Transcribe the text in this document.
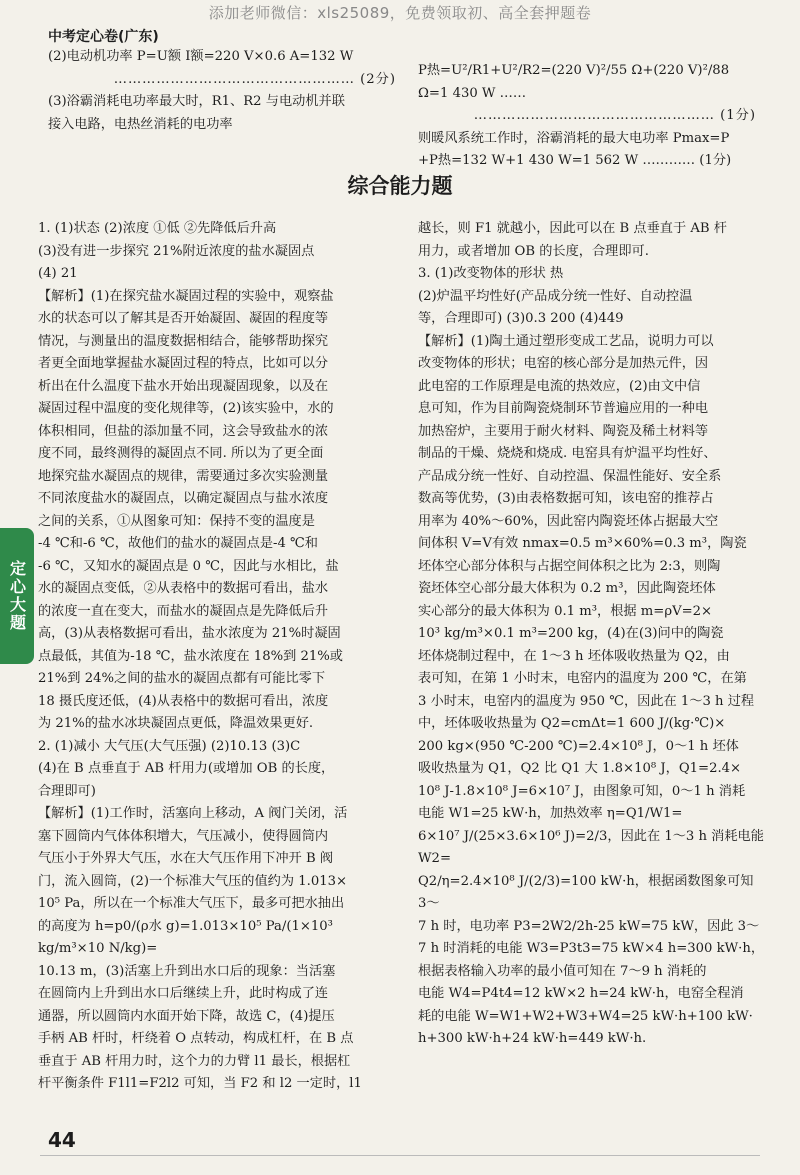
添加老师微信：xls25089，免费领取初、高全套押题卷
中考定心卷(广东)

(2)电动机功率 P=U额 I额=220 V×0.6 A=132 W

…………………………………………… (2分)

(3)浴霸消耗电功率最大时，R1、R2 与电动机并联

接入电路，电热丝消耗的电功率

P热=U²/R1+U²/R2=(220 V)²/55 Ω+(220 V)²/88 Ω=1 430 W ……

…………………………………………… (1分)

则暖风系统工作时，浴霸消耗的最大电功率 Pmax=P

+P热=132 W+1 430 W=1 562 W ………… (1分)

综合能力题

1. (1)状态 (2)浓度 ①低 ②先降低后升高

(3)没有进一步探究 21%附近浓度的盐水凝固点

(4) 21

【解析】(1)在探究盐水凝固过程的实验中，观察盐

水的状态可以了解其是否开始凝固、凝固的程度等

情况，与测量出的温度数据相结合，能够帮助探究

者更全面地掌握盐水凝固过程的特点，比如可以分

析出在什么温度下盐水开始出现凝固现象，以及在

凝固过程中温度的变化规律等，(2)该实验中，水的

体积相同，但盐的添加量不同，这会导致盐水的浓

度不同，最终测得的凝固点不同. 所以为了更全面

地探究盐水凝固点的规律，需要通过多次实验测量

不同浓度盐水的凝固点，以确定凝固点与盐水浓度

之间的关系，①从图象可知：保持不变的温度是

-4 ℃和-6 ℃，故他们的盐水的凝固点是-4 ℃和

-6 ℃，又知水的凝固点是 0 ℃，因此与水相比，盐

水的凝固点变低，②从表格中的数据可看出，盐水

的浓度一直在变大，而盐水的凝固点是先降低后升

高，(3)从表格数据可看出，盐水浓度为 21%时凝固

点最低，其值为-18 ℃，盐水浓度在 18%到 21%或

21%到 24%之间的盐水的凝固点都有可能比零下

18 摄氏度还低，(4)从表格中的数据可看出，浓度

为 21%的盐水冰块凝固点更低，降温效果更好.

2. (1)减小 大气压(大气压强) (2)10.13 (3)C

(4)在 B 点垂直于 AB 杆用力(或增加 OB 的长度，

合理即可)

【解析】(1)工作时，活塞向上移动，A 阀门关闭，活

塞下圆筒内气体体积增大，气压减小，使得圆筒内

气压小于外界大气压，水在大气压作用下冲开 B 阀

门，流入圆筒，(2)一个标准大气压的值约为 1.013×

10⁵ Pa，所以在一个标准大气压下，最多可把水抽出

的高度为 h=p0/(ρ水 g)=1.013×10⁵ Pa/(1×10³ kg/m³×10 N/kg)=

10.13 m，(3)活塞上升到出水口后的现象：当活塞

在圆筒内上升到出水口后继续上升，此时构成了连

通器，所以圆筒内水面开始下降，故选 C，(4)提压

手柄 AB 杆时，杆绕着 O 点转动，构成杠杆，在 B 点

垂直于 AB 杆用力时，这个力的力臂 l1 最长，根据杠

杆平衡条件 F1l1=F2l2 可知，当 F2 和 l2 一定时，l1

越长，则 F1 就越小，因此可以在 B 点垂直于 AB 杆

用力，或者增加 OB 的长度，合理即可.

3. (1)改变物体的形状 热

(2)炉温平均性好(产品成分统一性好、自动控温

等，合理即可) (3)0.3 200 (4)449

【解析】(1)陶土通过塑形变成工艺品，说明力可以

改变物体的形状；电窑的核心部分是加热元件，因

此电窑的工作原理是电流的热效应，(2)由文中信

息可知，作为目前陶瓷烧制环节普遍应用的一种电

加热窑炉，主要用于耐火材料、陶瓷及稀土材料等

制品的干燥、烧烧和烧成. 电窑具有炉温平均性好、

产品成分统一性好、自动控温、保温性能好、安全系

数高等优势，(3)由表格数据可知，该电窑的推荐占

用率为 40%～60%，因此窑内陶瓷坯体占据最大空

间体积 V=V有效 nmax=0.5 m³×60%=0.3 m³，陶瓷

坯体空心部分体积与占据空间体积之比为 2:3，则陶

瓷坯体空心部分最大体积为 0.2 m³，因此陶瓷坯体

实心部分的最大体积为 0.1 m³，根据 m=ρV=2×

10³ kg/m³×0.1 m³=200 kg，(4)在(3)问中的陶瓷

坯体烧制过程中，在 1～3 h 坯体吸收热量为 Q2，由

表可知，在第 1 小时末，电窑内的温度为 200 ℃，在第

3 小时末，电窑内的温度为 950 ℃，因此在 1～3 h 过程

中，坯体吸收热量为 Q2=cmΔt=1 600 J/(kg·℃)×

200 kg×(950 ℃-200 ℃)=2.4×10⁸ J，0～1 h 坯体

吸收热量为 Q1，Q2 比 Q1 大 1.8×10⁸ J，Q1=2.4×

10⁸ J-1.8×10⁸ J=6×10⁷ J，由图象可知，0～1 h 消耗

电能 W1=25 kW·h，加热效率 η=Q1/W1=

6×10⁷ J/(25×3.6×10⁶ J)=2/3，因此在 1～3 h 消耗电能 W2=

Q2/η=2.4×10⁸ J/(2/3)=100 kW·h，根据函数图象可知 3～

7 h 时，电功率 P3=2W2/2h-25 kW=75 kW，因此 3～

7 h 时消耗的电能 W3=P3t3=75 kW×4 h=300 kW·h，

根据表格输入功率的最小值可知在 7～9 h 消耗的

电能 W4=P4t4=12 kW×2 h=24 kW·h，电窑全程消

耗的电能 W=W1+W2+W3+W4=25 kW·h+100 kW·

h+300 kW·h+24 kW·h=449 kW·h.

定心大题
44
